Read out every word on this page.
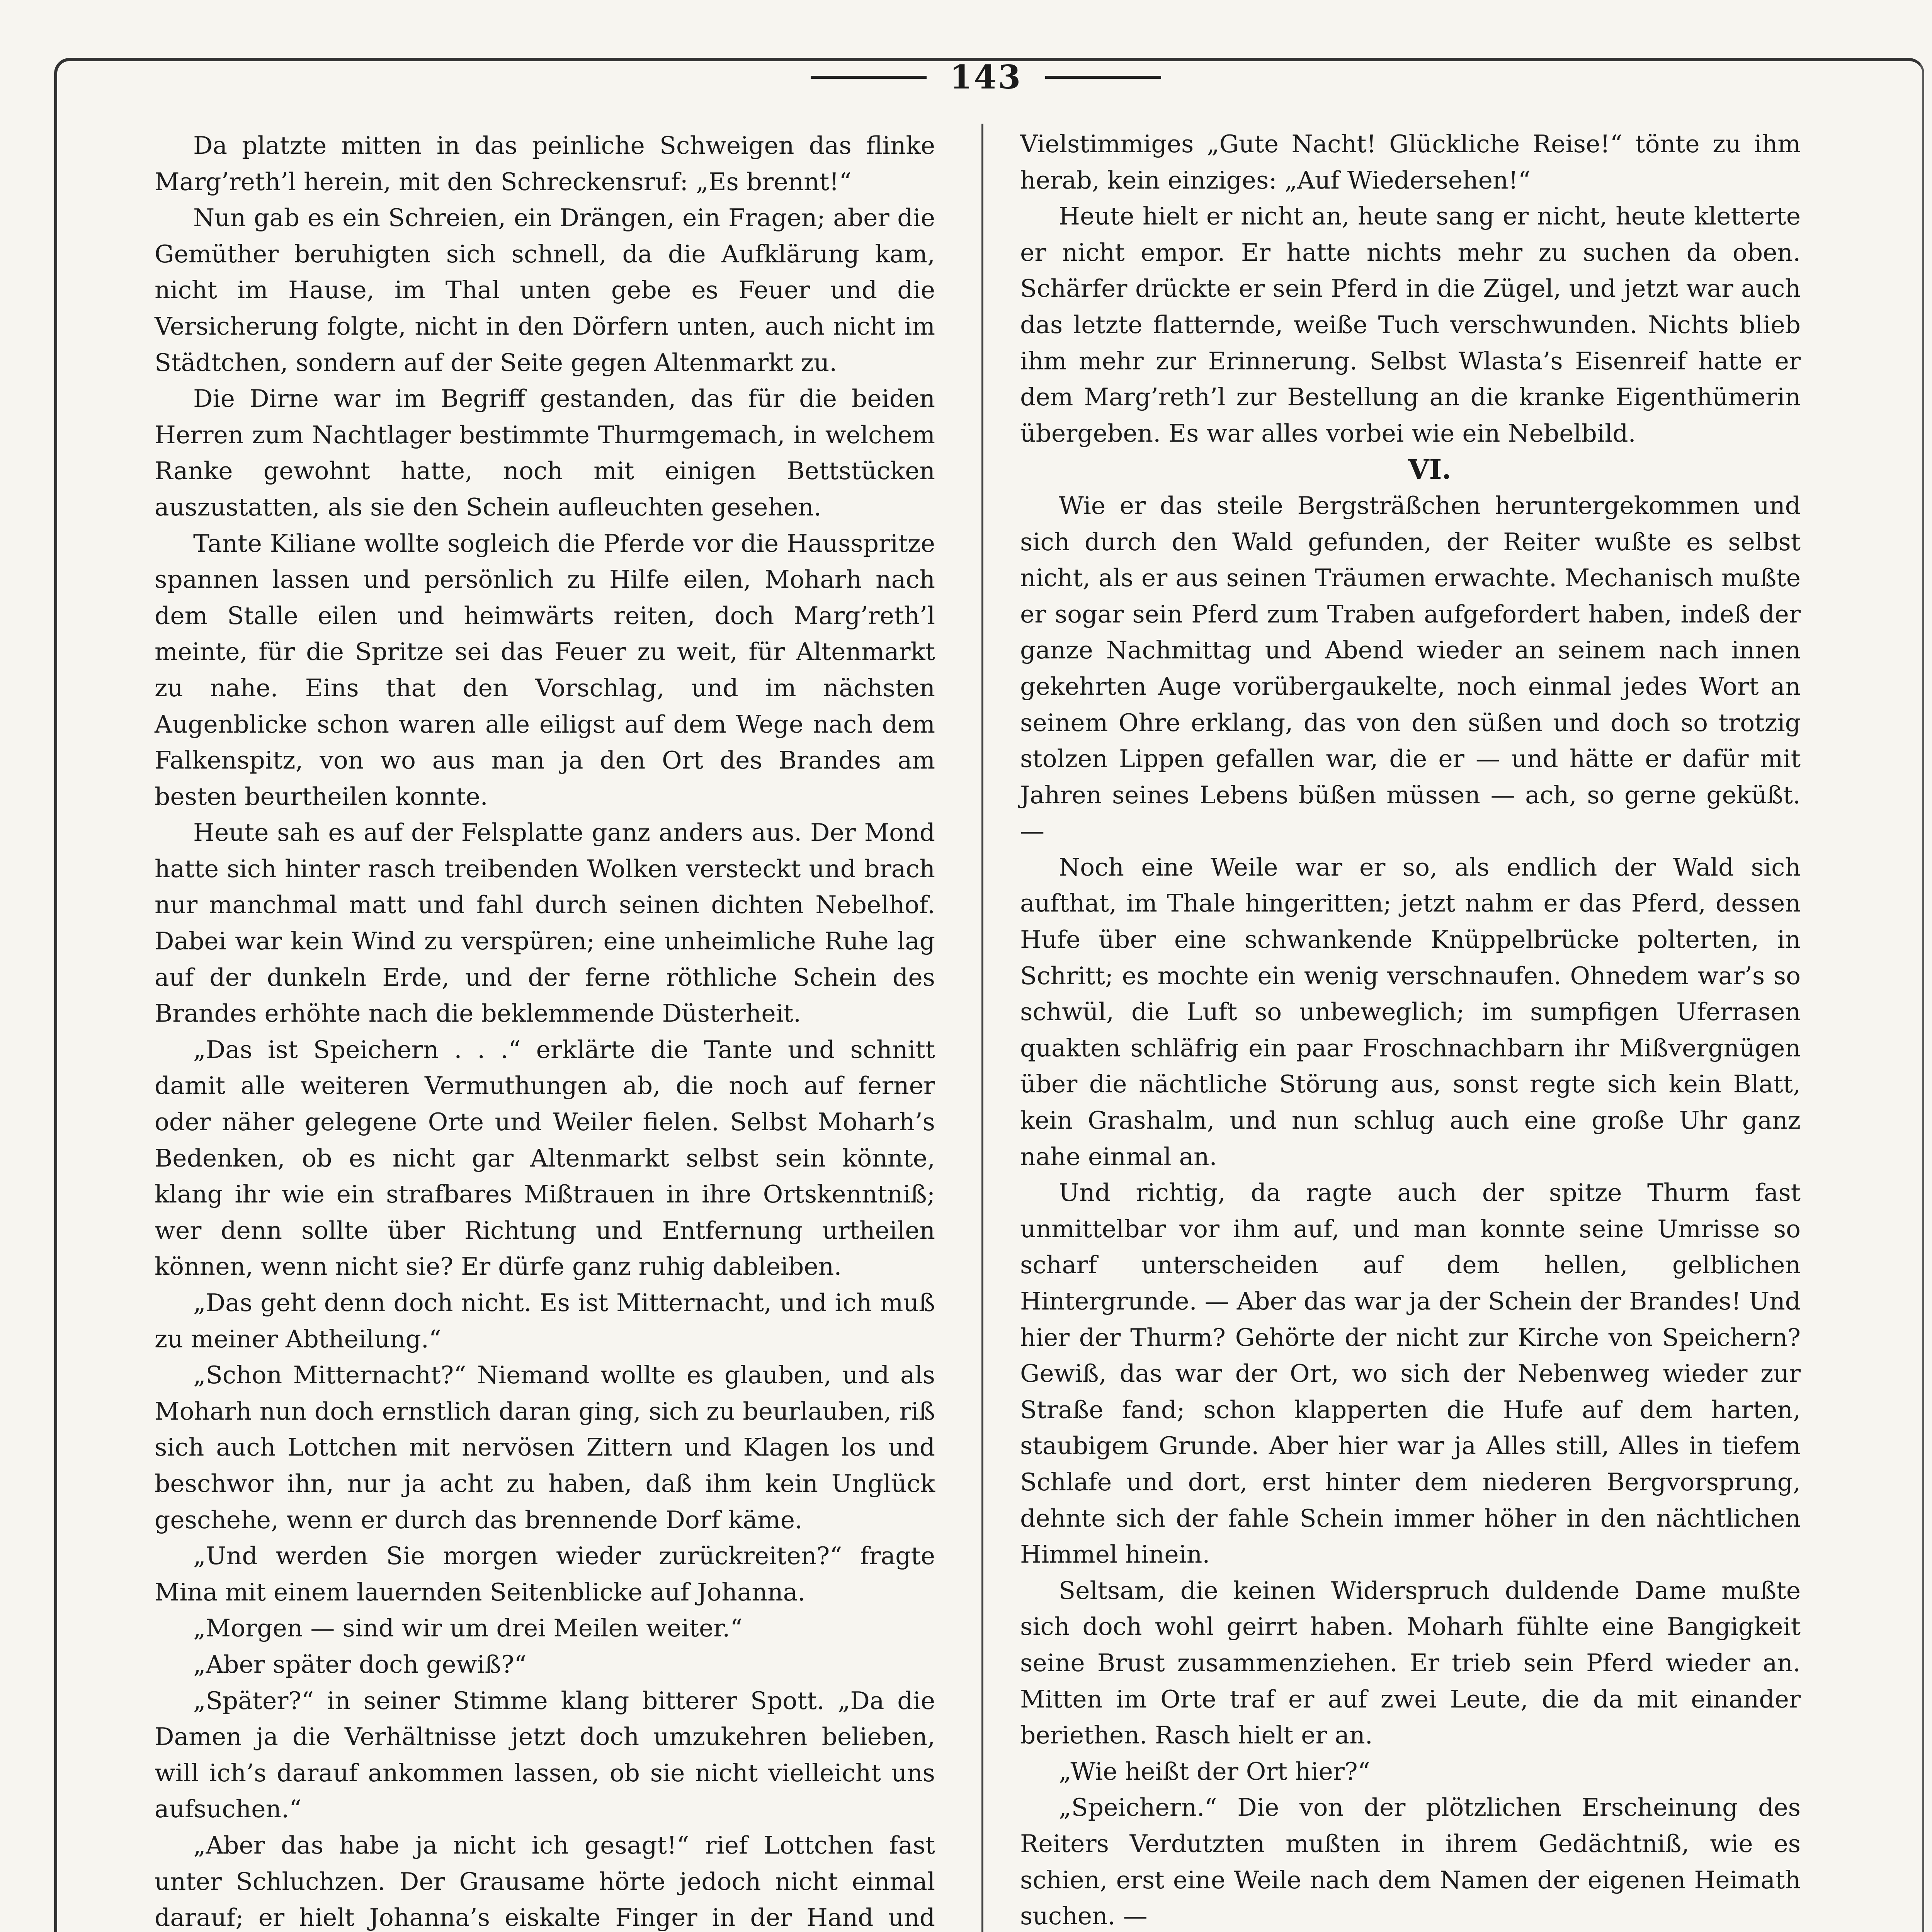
143

Da platzte mitten in das peinliche Schweigen das flinke Marg’reth’l herein, mit den Schreckensruf: „Es brennt!“

Nun gab es ein Schreien, ein Drängen, ein Fragen; aber die Gemüther beruhigten sich schnell, da die Aufklärung kam, nicht im Hause, im Thal unten gebe es Feuer und die Versicherung folgte, nicht in den Dörfern unten, auch nicht im Städtchen, sondern auf der Seite gegen Altenmarkt zu.

Die Dirne war im Begriff gestanden, das für die beiden Herren zum Nachtlager bestimmte Thurmgemach, in welchem Ranke gewohnt hatte, noch mit einigen Bettstücken auszustatten, als sie den Schein aufleuchten gesehen.

Tante Kiliane wollte sogleich die Pferde vor die Hausspritze spannen lassen und persönlich zu Hilfe eilen, Moharh nach dem Stalle eilen und heimwärts reiten, doch Marg’reth’l meinte, für die Spritze sei das Feuer zu weit, für Altenmarkt zu nahe. Eins that den Vorschlag, und im nächsten Augenblicke schon waren alle eiligst auf dem Wege nach dem Falkenspitz, von wo aus man ja den Ort des Brandes am besten beurtheilen konnte.

Heute sah es auf der Felsplatte ganz anders aus. Der Mond hatte sich hinter rasch treibenden Wolken versteckt und brach nur manchmal matt und fahl durch seinen dichten Nebelhof. Dabei war kein Wind zu verspüren; eine unheimliche Ruhe lag auf der dunkeln Erde, und der ferne röthliche Schein des Brandes erhöhte nach die beklemmende Düsterheit.

„Das ist Speichern . . .“ erklärte die Tante und schnitt damit alle weiteren Vermuthungen ab, die noch auf ferner oder näher gelegene Orte und Weiler fielen. Selbst Moharh’s Bedenken, ob es nicht gar Altenmarkt selbst sein könnte, klang ihr wie ein strafbares Mißtrauen in ihre Ortskenntniß; wer denn sollte über Richtung und Entfernung urtheilen können, wenn nicht sie? Er dürfe ganz ruhig dableiben.

„Das geht denn doch nicht. Es ist Mitternacht, und ich muß zu meiner Abtheilung.“

„Schon Mitternacht?“ Niemand wollte es glauben, und als Moharh nun doch ernstlich daran ging, sich zu beurlauben, riß sich auch Lottchen mit nervösen Zittern und Klagen los und beschwor ihn, nur ja acht zu haben, daß ihm kein Unglück geschehe, wenn er durch das brennende Dorf käme.

„Und werden Sie morgen wieder zurückreiten?“ fragte Mina mit einem lauernden Seitenblicke auf Johanna.

„Morgen — sind wir um drei Meilen weiter.“

„Aber später doch gewiß?“

„Später?“ in seiner Stimme klang bitterer Spott. „Da die Damen ja die Verhältnisse jetzt doch umzukehren belieben, will ich’s darauf ankommen lassen, ob sie nicht vielleicht uns aufsuchen.“

„Aber das habe ja nicht ich gesagt!“ rief Lottchen fast unter Schluchzen. Der Grausame hörte jedoch nicht einmal darauf; er hielt Johanna’s eiskalte Finger in der Hand und

Vielstimmiges „Gute Nacht! Glückliche Reise!“ tönte zu ihm herab, kein einziges: „Auf Wiedersehen!“

Heute hielt er nicht an, heute sang er nicht, heute kletterte er nicht empor. Er hatte nichts mehr zu suchen da oben. Schärfer drückte er sein Pferd in die Zügel, und jetzt war auch das letzte flatternde, weiße Tuch verschwunden. Nichts blieb ihm mehr zur Erinnerung. Selbst Wlasta’s Eisenreif hatte er dem Marg’reth’l zur Bestellung an die kranke Eigenthümerin übergeben. Es war alles vorbei wie ein Nebelbild.

VI.

Wie er das steile Bergsträßchen heruntergekommen und sich durch den Wald gefunden, der Reiter wußte es selbst nicht, als er aus seinen Träumen erwachte. Mechanisch mußte er sogar sein Pferd zum Traben aufgefordert haben, indeß der ganze Nachmittag und Abend wieder an seinem nach innen gekehrten Auge vorübergaukelte, noch einmal jedes Wort an seinem Ohre erklang, das von den süßen und doch so trotzig stolzen Lippen gefallen war, die er — und hätte er dafür mit Jahren seines Lebens büßen müssen — ach, so gerne geküßt. —

Noch eine Weile war er so, als endlich der Wald sich aufthat, im Thale hingeritten; jetzt nahm er das Pferd, dessen Hufe über eine schwankende Knüppelbrücke polterten, in Schritt; es mochte ein wenig verschnaufen. Ohnedem war’s so schwül, die Luft so unbeweglich; im sumpfigen Uferrasen quakten schläfrig ein paar Froschnachbarn ihr Mißvergnügen über die nächtliche Störung aus, sonst regte sich kein Blatt, kein Grashalm, und nun schlug auch eine große Uhr ganz nahe einmal an.

Und richtig, da ragte auch der spitze Thurm fast unmittelbar vor ihm auf, und man konnte seine Umrisse so scharf unterscheiden auf dem hellen, gelblichen Hintergrunde. — Aber das war ja der Schein der Brandes! Und hier der Thurm? Gehörte der nicht zur Kirche von Speichern? Gewiß, das war der Ort, wo sich der Nebenweg wieder zur Straße fand; schon klapperten die Hufe auf dem harten, staubigem Grunde. Aber hier war ja Alles still, Alles in tiefem Schlafe und dort, erst hinter dem niederen Bergvorsprung, dehnte sich der fahle Schein immer höher in den nächtlichen Himmel hinein.

Seltsam, die keinen Widerspruch duldende Dame mußte sich doch wohl geirrt haben. Moharh fühlte eine Bangigkeit seine Brust zusammenziehen. Er trieb sein Pferd wieder an. Mitten im Orte traf er auf zwei Leute, die da mit einander beriethen. Rasch hielt er an.

„Wie heißt der Ort hier?“

„Speichern.“ Die von der plötzlichen Erscheinung des Reiters Verdutzten mußten in ihrem Gedächtniß, wie es schien, erst eine Weile nach dem Namen der eigenen Heimath suchen. —
